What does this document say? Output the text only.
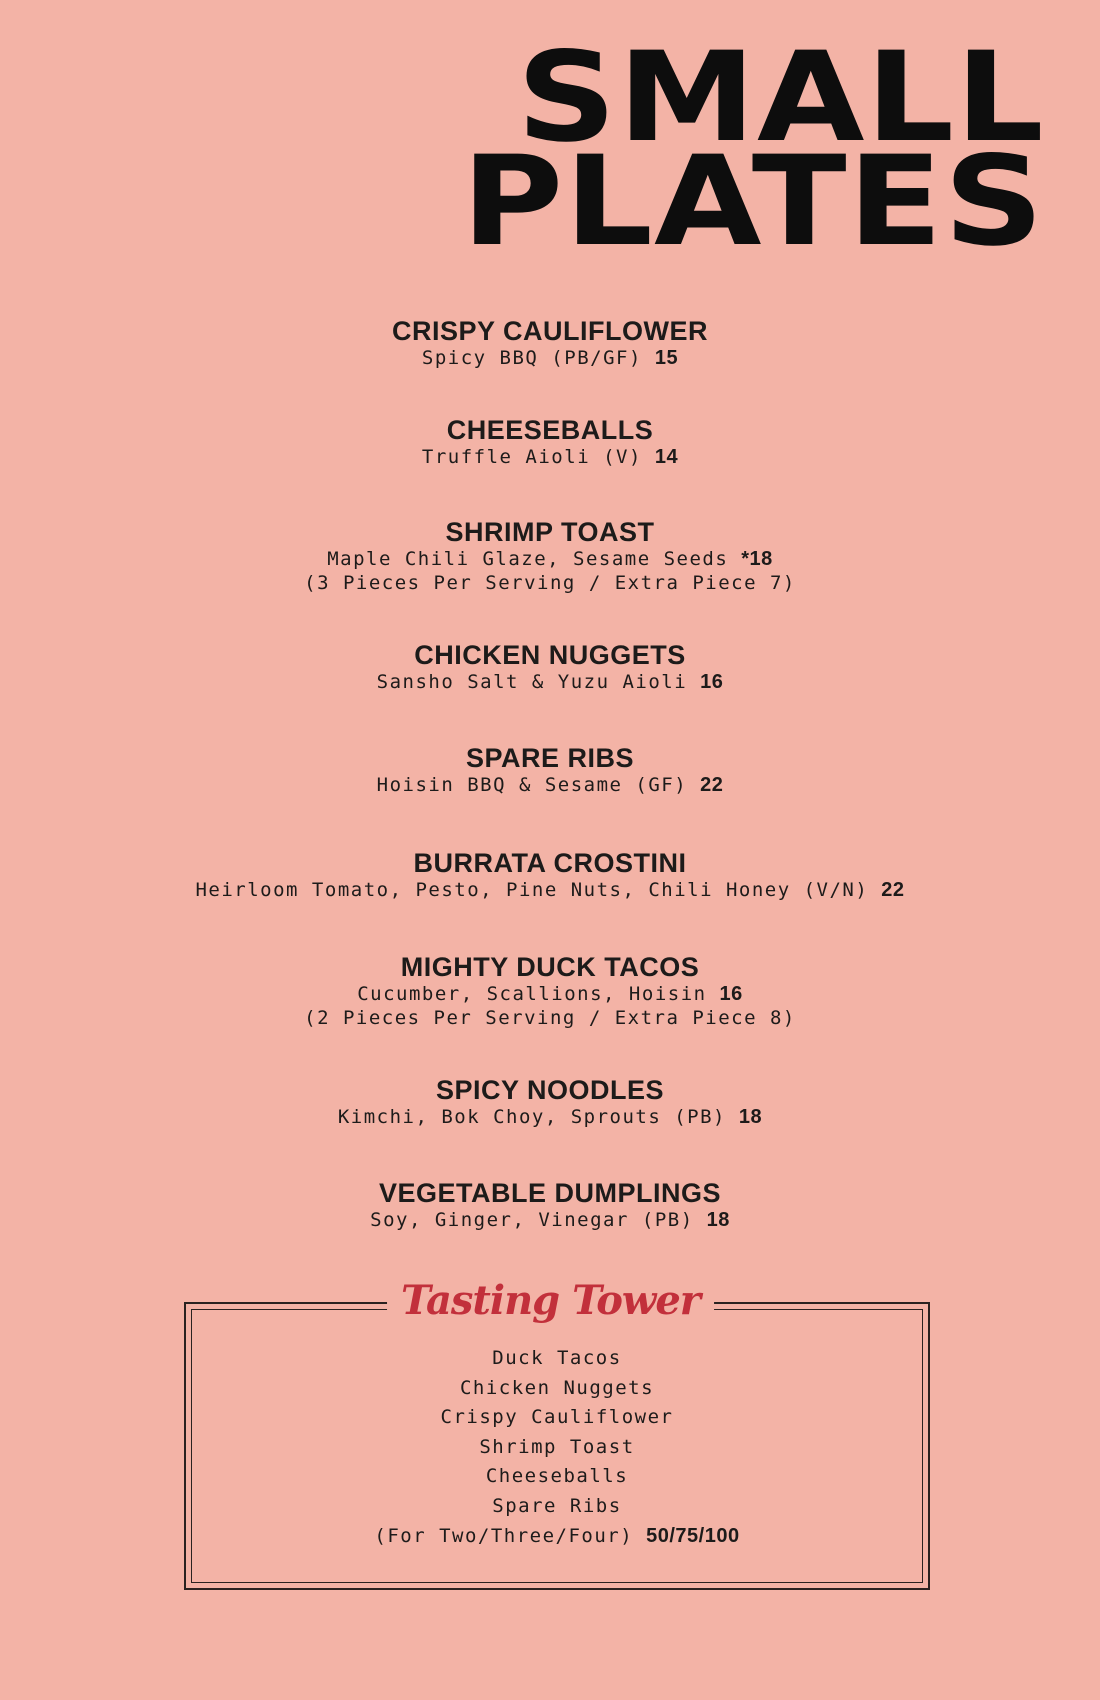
SMALL
PLATES
CRISPY CAULIFLOWER
Spicy BBQ (PB/GF) 15
CHEESEBALLS
Truffle Aioli (V) 14
SHRIMP TOAST
Maple Chili Glaze, Sesame Seeds *18
(3 Pieces Per Serving / Extra Piece 7)
CHICKEN NUGGETS
Sansho Salt & Yuzu Aioli 16
SPARE RIBS
Hoisin BBQ & Sesame (GF) 22
BURRATA CROSTINI
Heirloom Tomato, Pesto, Pine Nuts, Chili Honey (V/N) 22
MIGHTY DUCK TACOS
Cucumber, Scallions, Hoisin 16
(2 Pieces Per Serving / Extra Piece 8)
SPICY NOODLES
Kimchi, Bok Choy, Sprouts (PB) 18
VEGETABLE DUMPLINGS
Soy, Ginger, Vinegar (PB) 18
Tasting Tower
Duck Tacos
Chicken Nuggets
Crispy Cauliflower
Shrimp Toast
Cheeseballs
Spare Ribs
(For Two/Three/Four) 50/75/100
